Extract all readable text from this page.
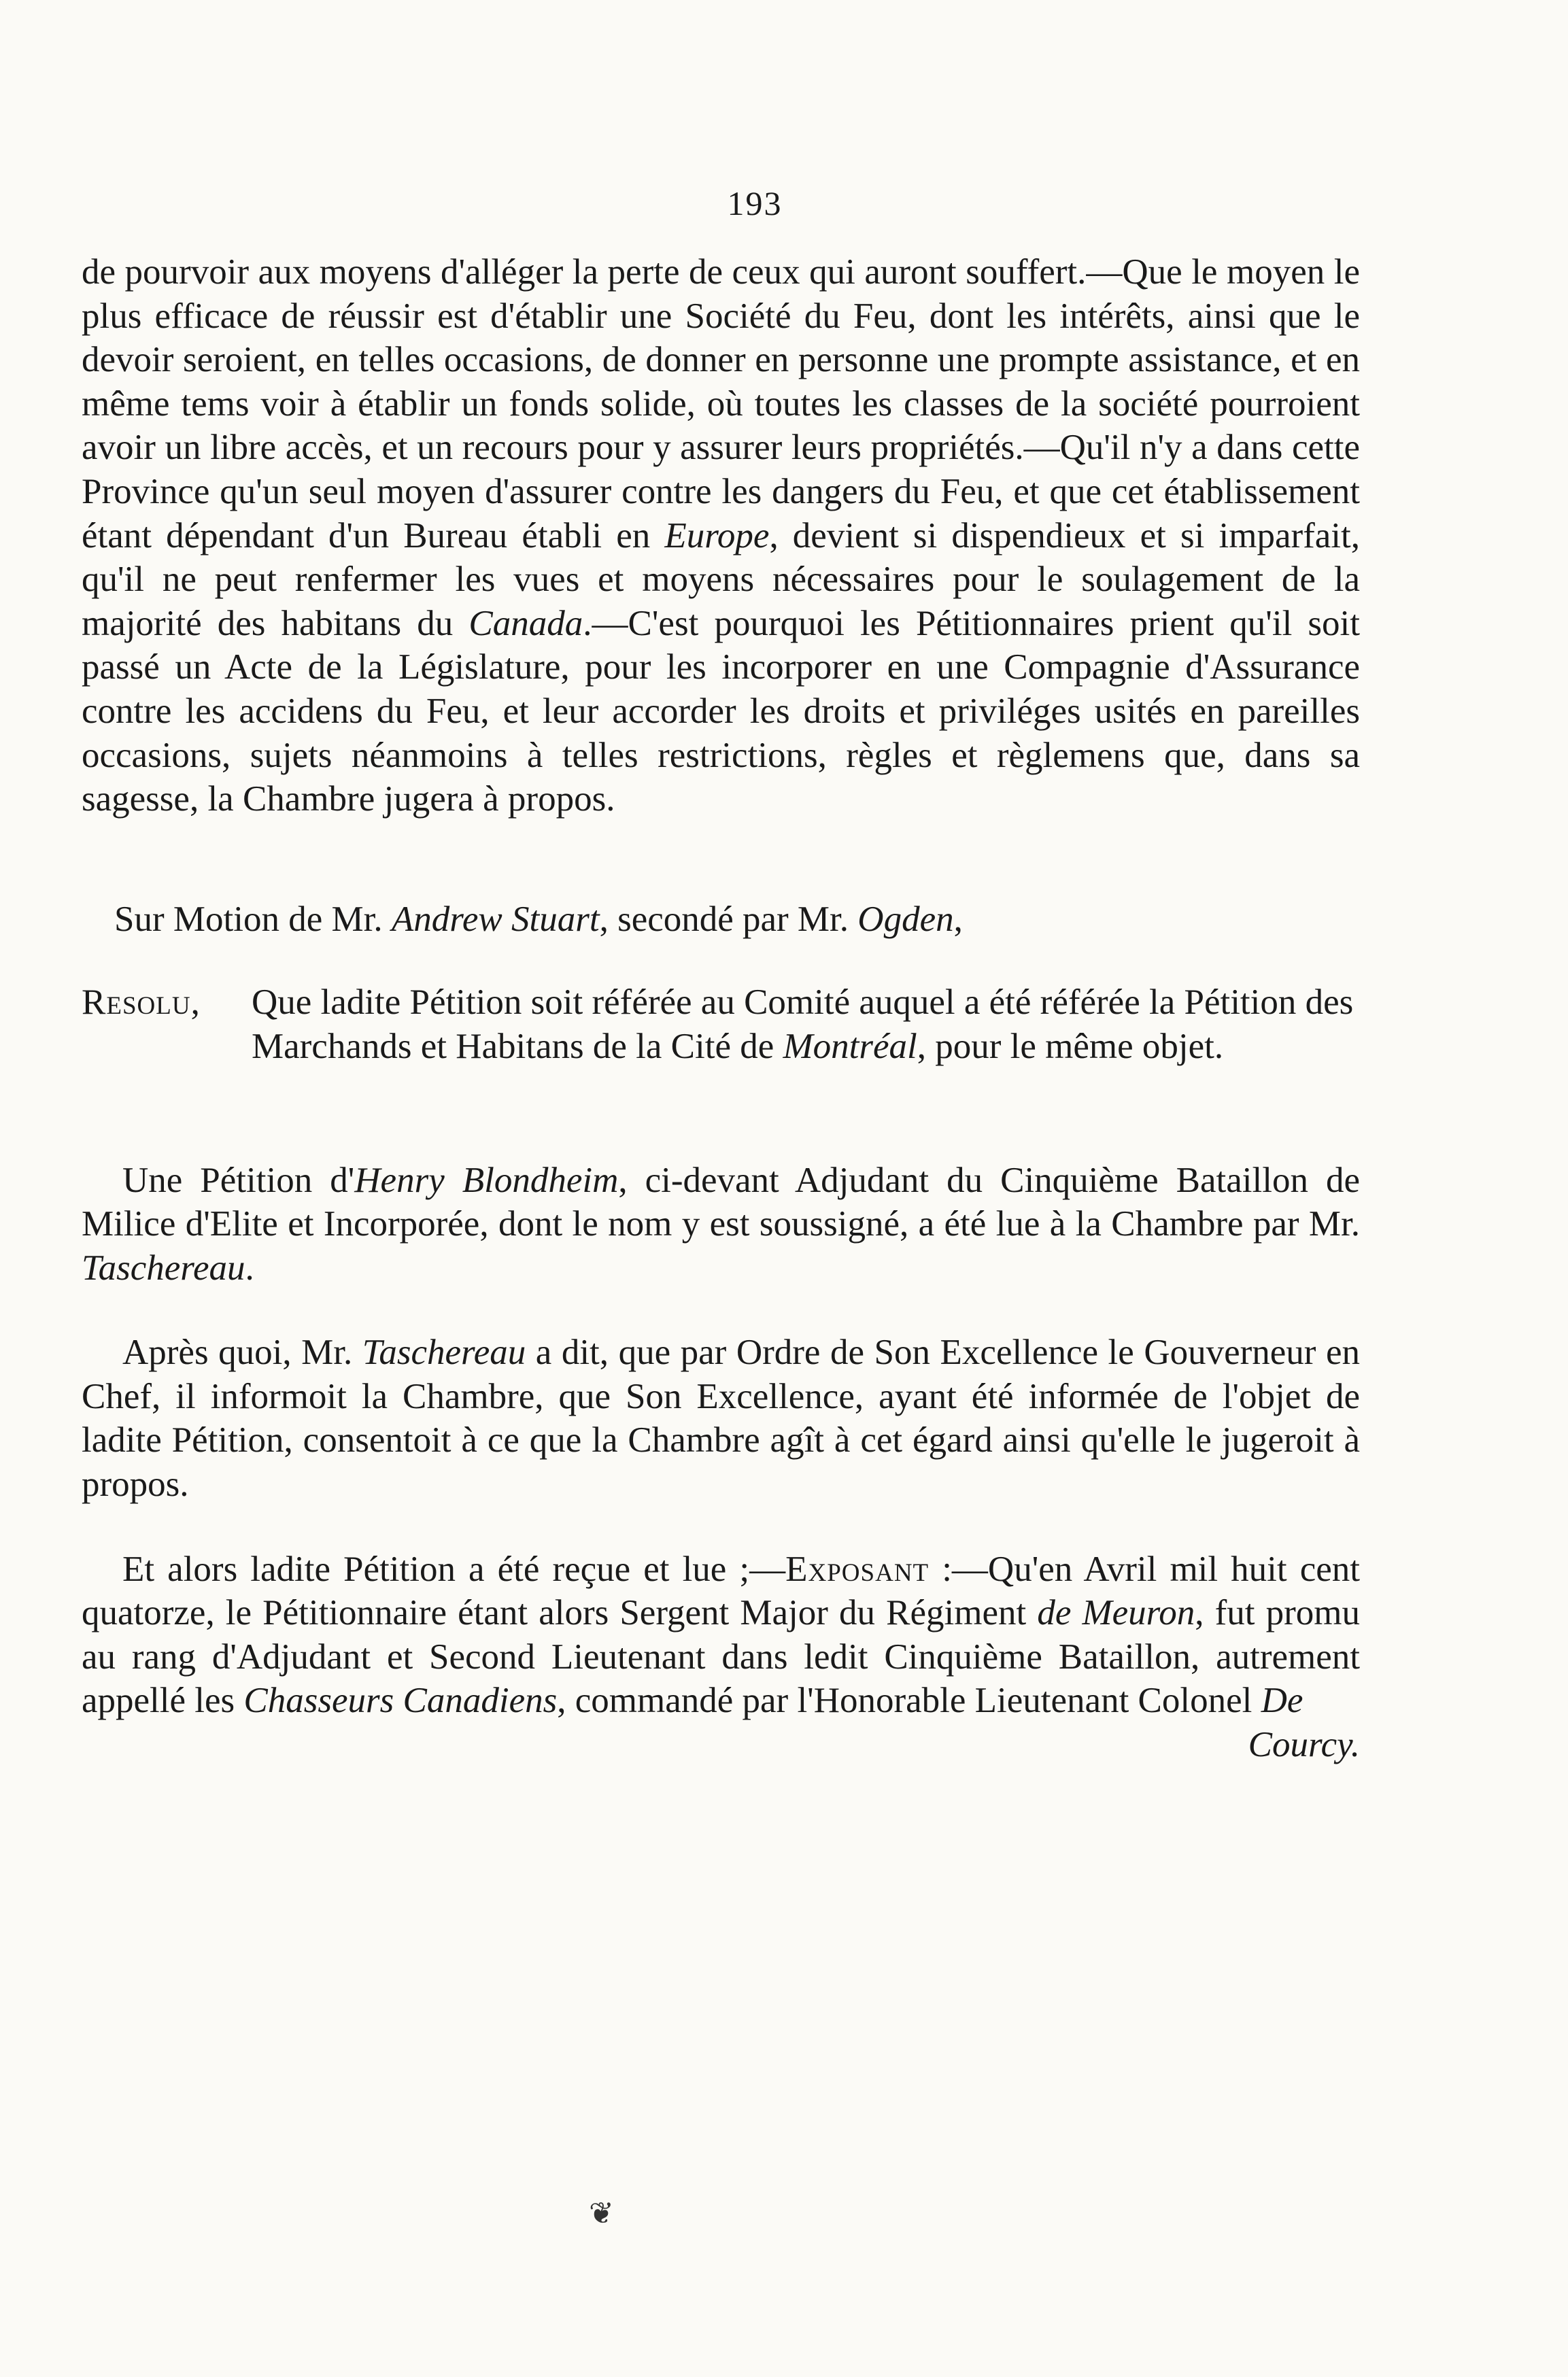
193

de pourvoir aux moyens d'alléger la perte de ceux qui auront souffert.—Que le moyen le plus efficace de réussir est d'établir une Société du Feu, dont les intérêts, ainsi que le devoir seroient, en telles occasions, de donner en personne une prompte assistance, et en même tems voir à établir un fonds solide, où toutes les classes de la société pourroient avoir un libre accès, et un recours pour y assurer leurs propriétés.—Qu'il n'y a dans cette Province qu'un seul moyen d'assurer contre les dangers du Feu, et que cet établissement étant dépendant d'un Bureau établi en Europe, devient si dispendieux et si imparfait, qu'il ne peut renfermer les vues et moyens nécessaires pour le soulagement de la majorité des habitans du Canada.—C'est pourquoi les Pétitionnaires prient qu'il soit passé un Acte de la Législature, pour les incorporer en une Compagnie d'Assurance contre les accidens du Feu, et leur accorder les droits et priviléges usités en pareilles occasions, sujets néanmoins à telles restrictions, règles et règlemens que, dans sa sagesse, la Chambre jugera à propos.

Sur Motion de Mr. Andrew Stuart, secondé par Mr. Ogden,

Resolu,	Que ladite Pétition soit référée au Comité auquel a été référée la Pétition des Marchands et Habitans de la Cité de Montréal, pour le même objet.

Une Pétition d'Henry Blondheim, ci-devant Adjudant du Cinquième Bataillon de Milice d'Elite et Incorporée, dont le nom y est soussigné, a été lue à la Chambre par Mr. Taschereau.

Après quoi, Mr. Taschereau a dit, que par Ordre de Son Excellence le Gouverneur en Chef, il informoit la Chambre, que Son Excellence, ayant été informée de l'objet de ladite Pétition, consentoit à ce que la Chambre agît à cet égard ainsi qu'elle le jugeroit à propos.

Et alors ladite Pétition a été reçue et lue ;—Exposant :—Qu'en Avril mil huit cent quatorze, le Pétitionnaire étant alors Sergent Major du Régiment de Meuron, fut promu au rang d'Adjudant et Second Lieutenant dans ledit Cinquième Bataillon, autrement appellé les Chasseurs Canadiens, commandé par l'Honorable Lieutenant Colonel De

Courcy.

❦
